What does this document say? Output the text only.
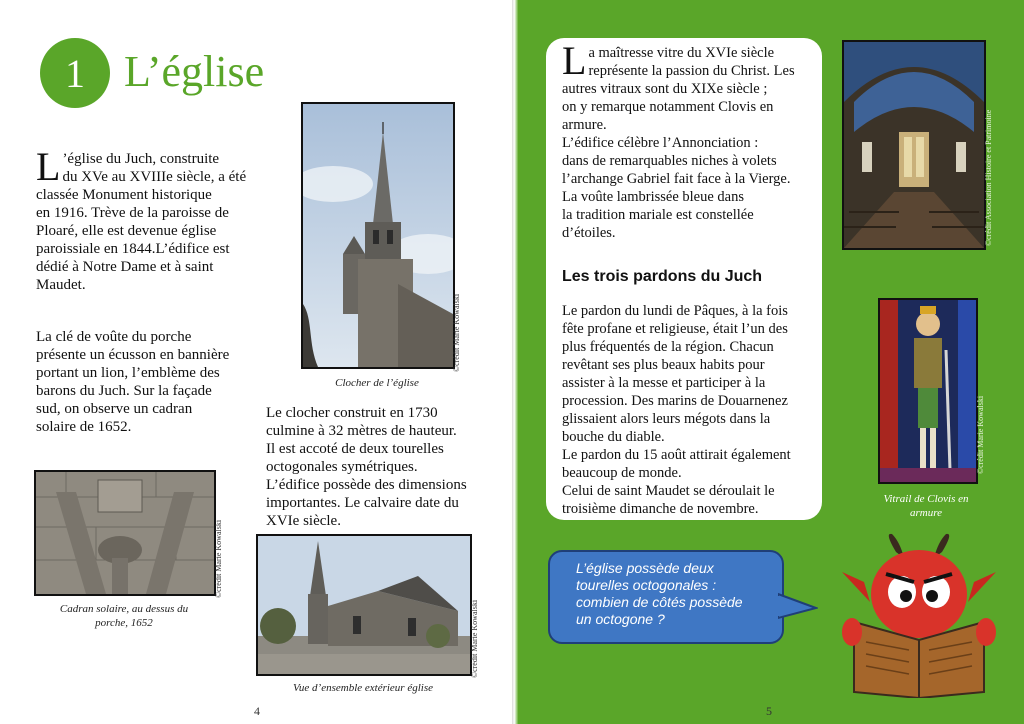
1 L’église
L ’église du Juch, construite
du XVe au XVIIIe siècle, a été
classée Monument historique
en 1916. Trève de la paroisse de
Ploaré, elle est devenue église
paroissiale en 1844.L’édifice est
dédié à Notre Dame et à saint
Maudet.
La clé de voûte du porche
présente un écusson en bannière
portant un lion, l’emblème des
barons du Juch. Sur la façade
sud, on observe un cadran
solaire de 1652.
©crédit Marie Kowalski
Clocher de l’église
Le clocher construit en 1730
culmine à 32 mètres de hauteur.
Il est accoté de deux tourelles
octogonales symétriques.
L’édifice possède des dimensions
importantes. Le calvaire date du
XVIe siècle.
©crédit Marie Kowalski
Cadran solaire, au dessus du
porche, 1652	©crédit Marie Kowalski
Vue d’ensemble extérieur église
4
L a maîtresse vitre du XVIe siècle
représente la passion du Christ. Les
autres vitraux sont du XIXe siècle ;
on y remarque notamment Clovis en
armure.
L’édifice célèbre l’Annonciation :
dans de remarquables niches à volets
l’archange Gabriel fait face à la Vierge.
La voûte lambrissée bleue dans
la tradition mariale est constellée
d’étoiles.
Les trois pardons du Juch
Le pardon du lundi de Pâques, à la fois
fête profane et religieuse, était l’un des
plus fréquentés de la région. Chacun
revêtant ses plus beaux habits pour
assister à la messe et participer à la
procession. Des marins de Douarnenez
glissaient alors leurs mégots dans la
bouche du diable.
Le pardon du 15 août attirait également
beaucoup de monde.
Celui de saint Maudet se déroulait le
troisième dimanche de novembre.
©crédit Association Histoire et Patrimoine
©crédit Marie Kowalski
Vitrail de Clovis en
armure
L’église possède deux
tourelles octogonales :
combien de côtés possède
un octogone ?
5
